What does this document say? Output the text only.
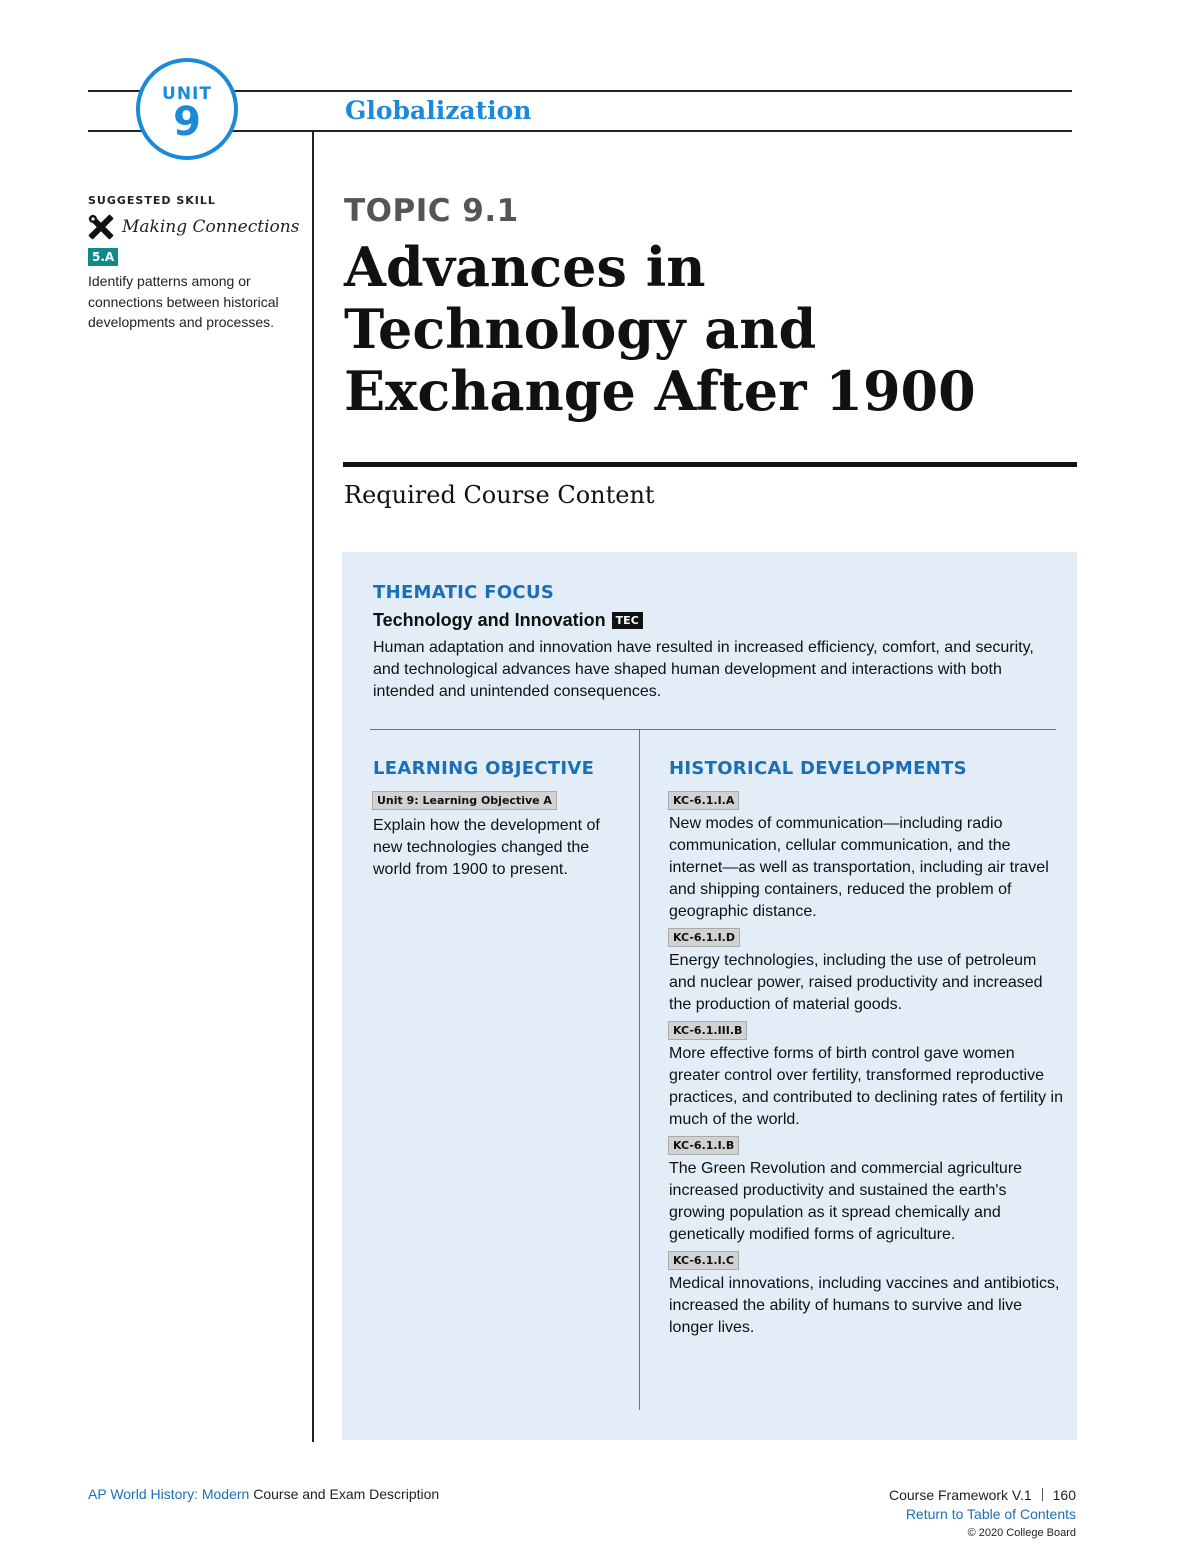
UNIT
9	Globalization
SUGGESTED SKILL
Making Connections
5.A
Identify patterns among or connections between historical developments and processes.
TOPIC 9.1
Advances in
Technology and
Exchange After 1900
Required Course Content
THEMATIC FOCUS
Technology and Innovation TEC
Human adaptation and innovation have resulted in increased efficiency, comfort, and security, and technological advances have shaped human development and interactions with both intended and unintended consequences.
LEARNING OBJECTIVE
Unit 9: Learning Objective A
Explain how the development of new technologies changed the world from 1900 to present.
HISTORICAL DEVELOPMENTS
KC-6.1.I.A
New modes of communication—including radio communication, cellular communication, and the internet—as well as transportation, including air travel and shipping containers, reduced the problem of geographic distance.
KC-6.1.I.D
Energy technologies, including the use of petroleum and nuclear power, raised productivity and increased the production of material goods.
KC-6.1.III.B
More effective forms of birth control gave women greater control over fertility, transformed reproductive practices, and contributed to declining rates of fertility in much of the world.
KC-6.1.I.B
The Green Revolution and commercial agriculture increased productivity and sustained the earth's growing population as it spread chemically and genetically modified forms of agriculture.
KC-6.1.I.C
Medical innovations, including vaccines and antibiotics, increased the ability of humans to survive and live longer lives.
AP World History: Modern Course and Exam Description	Course Framework V.1 160
Return to Table of Contents
© 2020 College Board
